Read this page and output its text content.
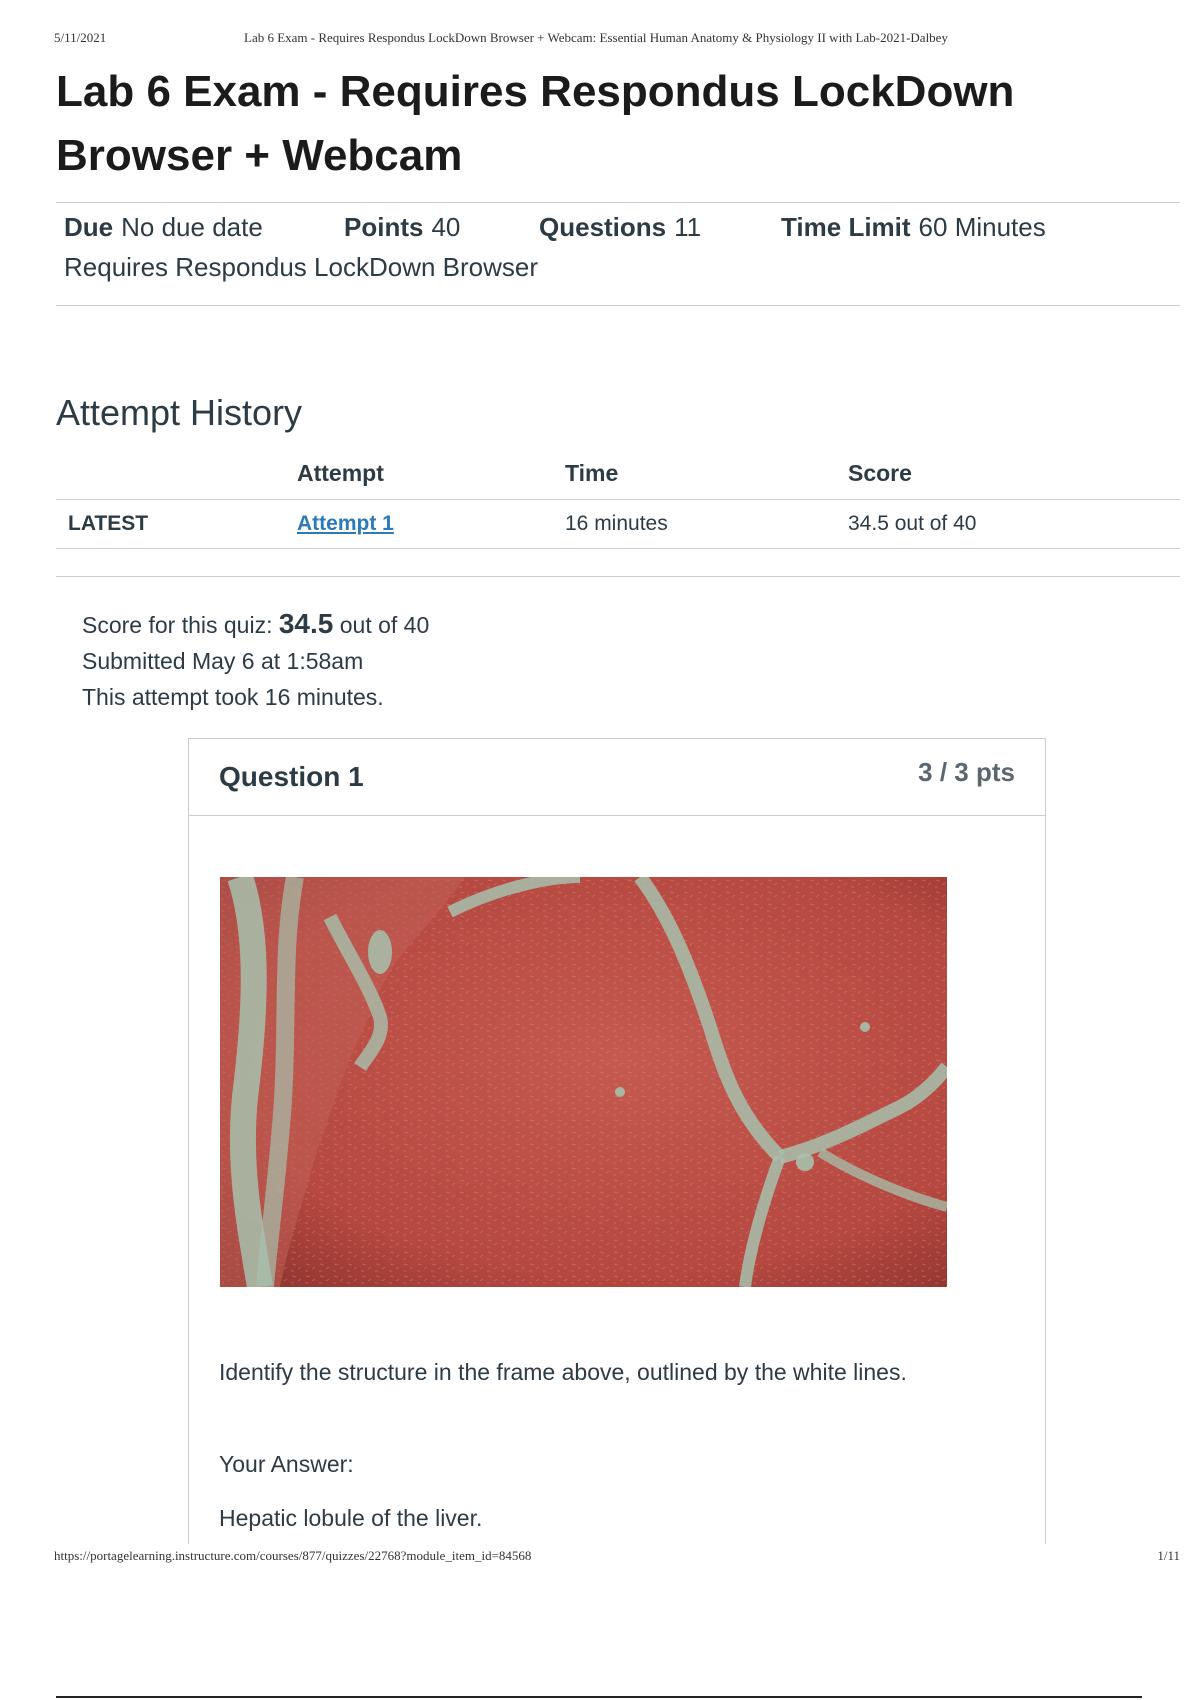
5/11/2021	Lab 6 Exam - Requires Respondus LockDown Browser + Webcam: Essential Human Anatomy & Physiology II with Lab-2021-Dalbey
Lab 6 Exam - Requires Respondus LockDown Browser + Webcam
Due No due date	Points 40	Questions 11	Time Limit 60 Minutes
Requires Respondus LockDown Browser
Attempt History
	Attempt	Time	Score
LATEST	Attempt 1	16 minutes	34.5 out of 40
Score for this quiz: 34.5 out of 40
Submitted May 6 at 1:58am
This attempt took 16 minutes.
Question 1	3 / 3 pts
Identify the structure in the frame above, outlined by the white lines.
Your Answer:
Hepatic lobule of the liver.
https://portagelearning.instructure.com/courses/877/quizzes/22768?module_item_id=84568	1/11
